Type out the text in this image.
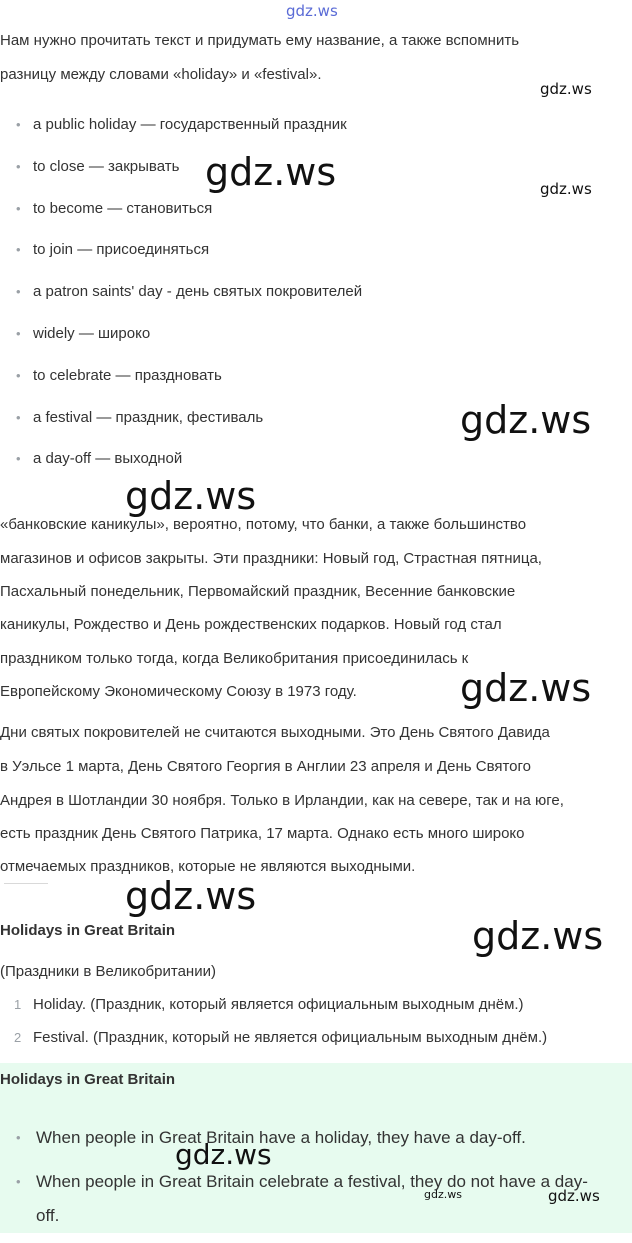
gdz.ws
Нам нужно прочитать текст и придумать ему название, а также вспомнить
разницу между словами «holiday» и «festival».
• a public holiday — государственный праздник
• to close — закрывать
• to become — становиться
• to join — присоединяться
• a patron saints' day - день святых покровителей
• widely — широко
• to celebrate — праздновать
• a festival — праздник, фестиваль
• a day-off — выходной
«банковские каникулы», вероятно, потому, что банки, а также большинство
магазинов и офисов закрыты. Эти праздники: Новый год, Страстная пятница,
Пасхальный понедельник, Первомайский праздник, Весенние банковские
каникулы, Рождество и День рождественских подарков. Новый год стал
праздником только тогда, когда Великобритания присоединилась к
Европейскому Экономическому Союзу в 1973 году.
Дни святых покровителей не считаются выходными. Это День Святого Давида
в Уэльсе 1 марта, День Святого Георгия в Англии 23 апреля и День Святого
Андрея в Шотландии 30 ноября. Только в Ирландии, как на севере, так и на юге,
есть праздник День Святого Патрика, 17 марта. Однако есть много широко
отмечаемых праздников, которые не являются выходными.
Holidays in Great Britain
(Праздники в Великобритании)
1 Holiday. (Праздник, который является официальным выходным днём.)
2 Festival. (Праздник, который не является официальным выходным днём.)
Holidays in Great Britain
• When people in Great Britain have a holiday, they have a day-off.
• When people in Great Britain celebrate a festival, they do not have a day-
off.
gdz.ws
gdz.ws	gdz.ws
gdz.ws
gdz.ws
gdz.ws
gdz.ws
gdz.ws
gdz.ws
gdz.ws	gdz.ws
